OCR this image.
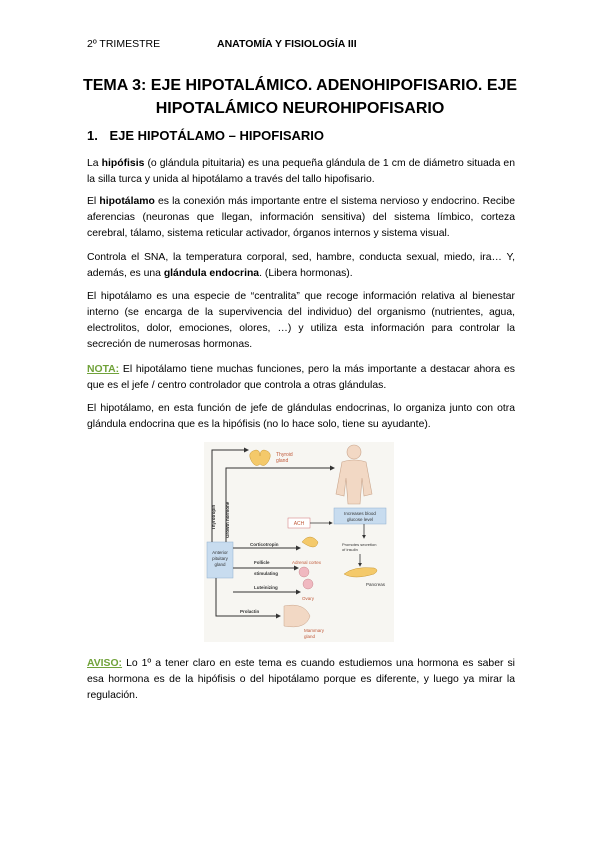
2º TRIMESTRE	ANATOMÍA Y FISIOLOGÍA III
TEMA 3: EJE HIPOTALÁMICO. ADENOHIPOFISARIO. EJE HIPOTALÁMICO NEUROHIPOFISARIO
1. EJE HIPOTÁLAMO – HIPOFISARIO
La hipófisis (o glándula pituitaria) es una pequeña glándula de 1 cm de diámetro situada en la silla turca y unida al hipotálamo a través del tallo hipofisario.
El hipotálamo es la conexión más importante entre el sistema nervioso y endocrino. Recibe aferencias (neuronas que llegan, información sensitiva) del sistema límbico, corteza cerebral, tálamo, sistema reticular activador, órganos internos y sistema visual.
Controla el SNA, la temperatura corporal, sed, hambre, conducta sexual, miedo, ira… Y, además, es una glándula endocrina. (Libera hormonas).
El hipotálamo es una especie de “centralita” que recoge información relativa al bienestar interno (se encarga de la supervivencia del individuo) del organismo (nutrientes, agua, electrolitos, dolor, emociones, olores, …) y utiliza esta información para controlar la secreción de numerosas hormonas.
NOTA: El hipotálamo tiene muchas funciones, pero la más importante a destacar ahora es que es el jefe / centro controlador que controla a otras glándulas.
El hipotálamo, en esta función de jefe de glándulas endocrinas, lo organiza junto con otra glándula endocrina que es la hipófisis (no lo hace solo, tiene su ayudante).
Thyroid
gland
Anterior
pituitary
gland
Thyrotropin Growth hormone	ACH
Increases blood
glucose level
Corticotropin
Adrenal cortex
Promotes secretion
of insulin
Pancreas
Follicle
stimulating
Luteinizing
Ovary
Prolactin
Mammary
gland
AVISO: Lo 1º a tener claro en este tema es cuando estudiemos una hormona es saber si esa hormona es de la hipófisis o del hipotálamo porque es diferente, y luego ya mirar la regulación.
